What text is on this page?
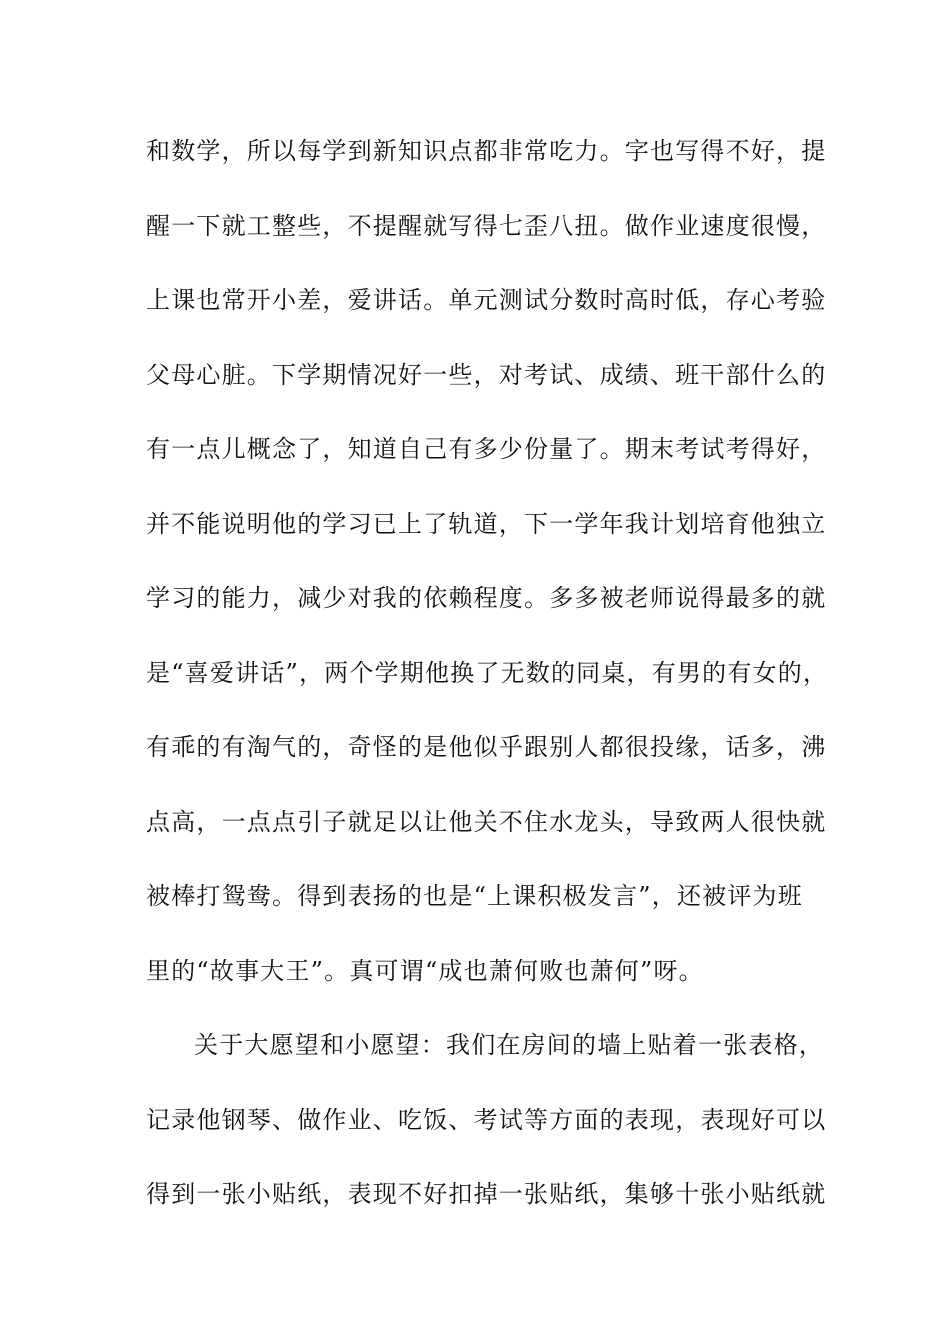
和数学，所以每学到新知识点都非常吃力。字也写得不好，提
醒一下就工整些，不提醒就写得七歪八扭。做作业速度很慢，
上课也常开小差，爱讲话。单元测试分数时高时低，存心考验
父母心脏。下学期情况好一些，对考试、成绩、班干部什么的
有一点儿概念了，知道自己有多少份量了。期末考试考得好，
并不能说明他的学习已上了轨道，下一学年我计划培育他独立
学习的能力，减少对我的依赖程度。多多被老师说得最多的就
是“喜爱讲话”，两个学期他换了无数的同桌，有男的有女的，
有乖的有淘气的，奇怪的是他似乎跟别人都很投缘，话多，沸
点高，一点点引子就足以让他关不住水龙头，导致两人很快就
被棒打鸳鸯。得到表扬的也是“上课积极发言”，还被评为班
里的“故事大王”。真可谓“成也萧何败也萧何”呀。
关于大愿望和小愿望：我们在房间的墙上贴着一张表格，
记录他钢琴、做作业、吃饭、考试等方面的表现，表现好可以
得到一张小贴纸，表现不好扣掉一张贴纸，集够十张小贴纸就
